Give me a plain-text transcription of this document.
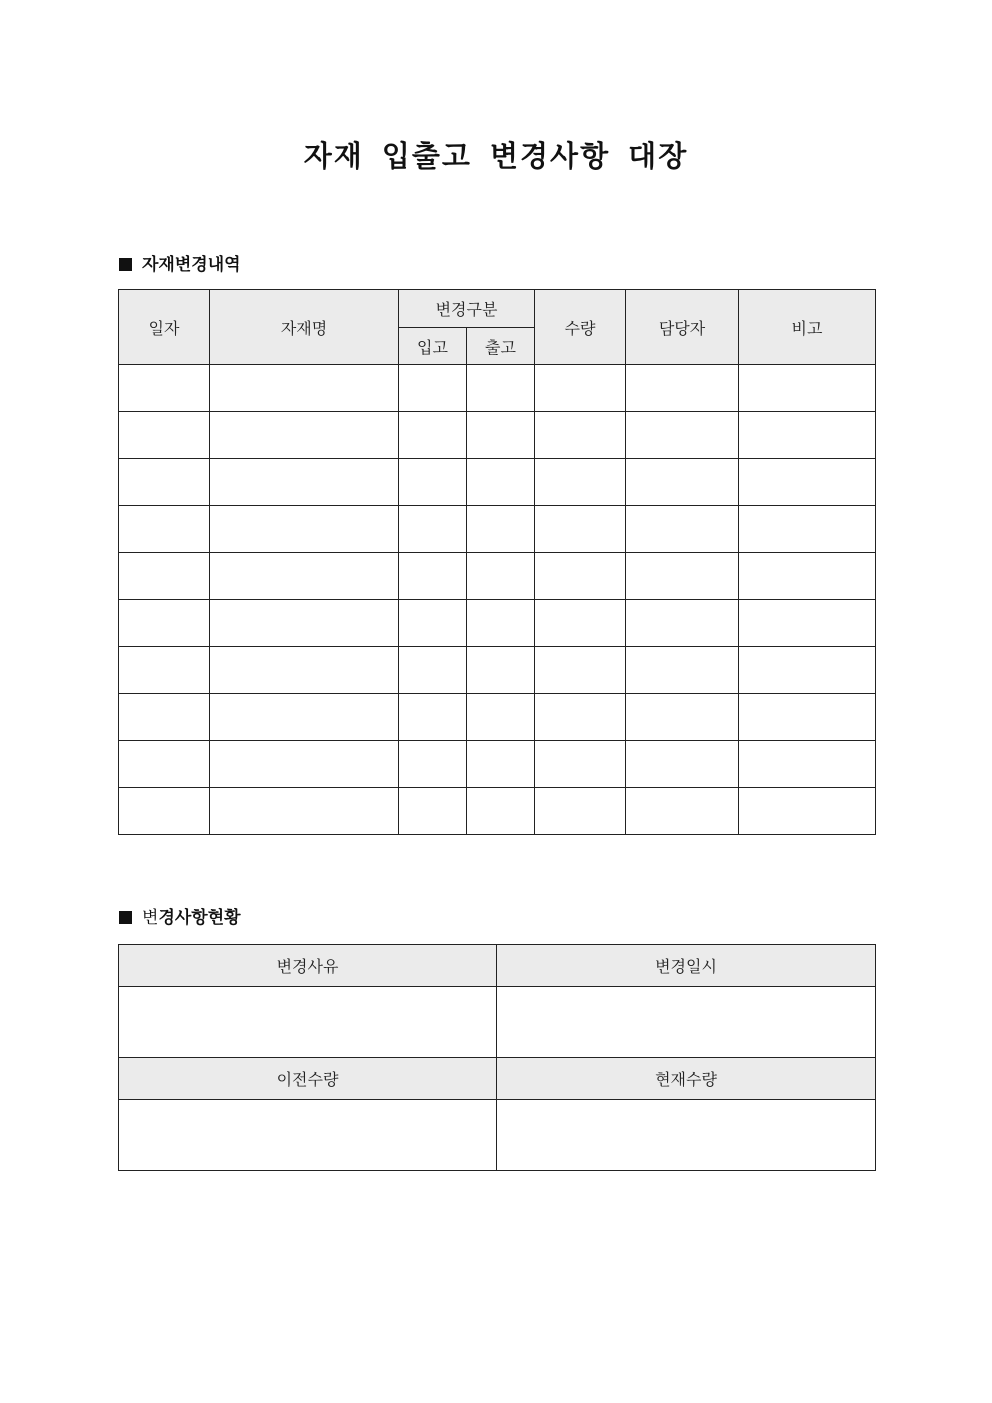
자재 입출고 변경사항 대장
자재변경내역
일자	자재명	변경구분		수량	담당자	비고
		입고	출고			

변경사항현황
변경사유	변경일시

이전수량	현재수량
